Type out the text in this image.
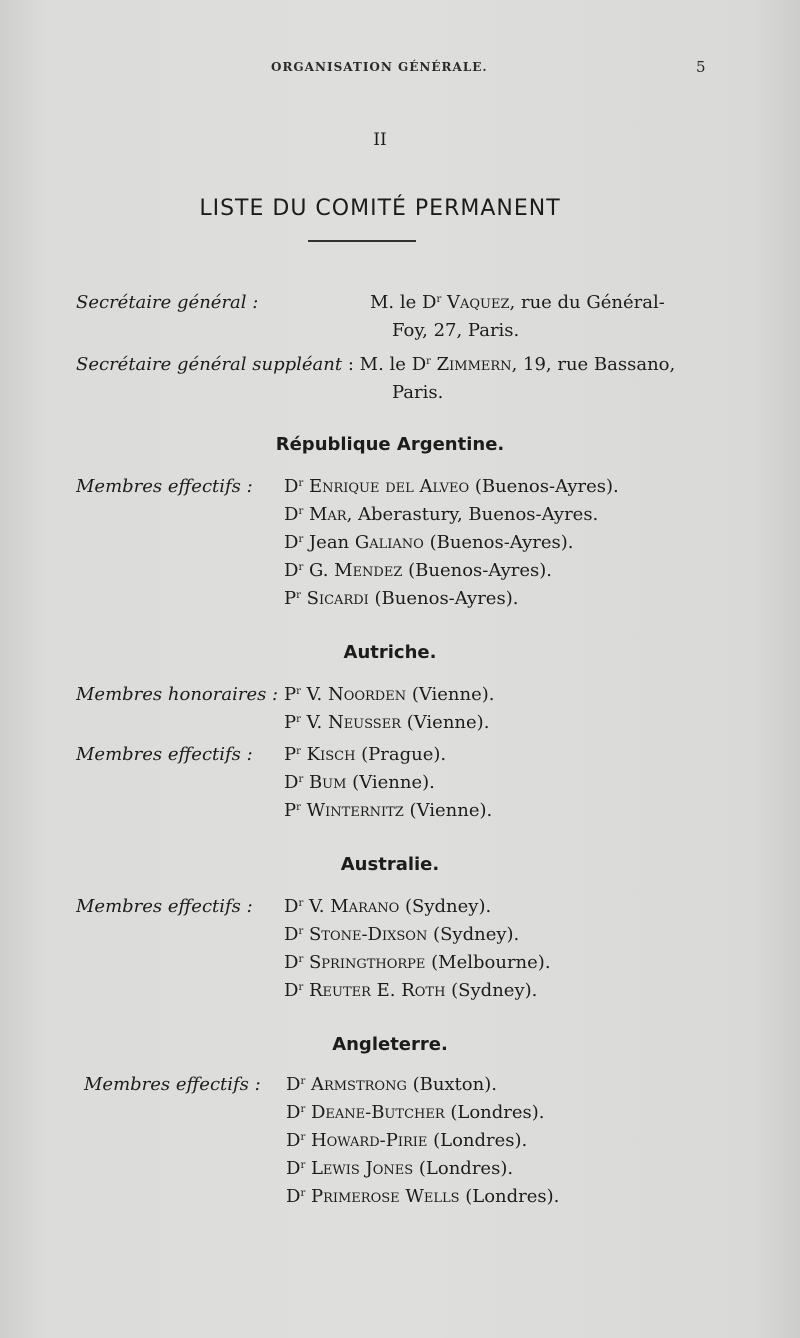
ORGANISATION GÉNÉRALE.	5
II
LISTE DU COMITÉ PERMANENT
Secrétaire général :	M. le $D^r$ Vaquez, rue du Général-
Foy, 27, Paris.
Secrétaire général suppléant : M. le $D^r$ Zimmern, 19, rue Bassano,
Paris.
République Argentine.
Membres effectifs : $D^r$ Enrique del Alveo (Buenos-Ayres).
$D^r$ Mar, Aberastury, Buenos-Ayres.
$D^r$ Jean Galiano (Buenos-Ayres).
$D^r$ G. Mendez (Buenos-Ayres).
$P^r$ Sicardi (Buenos-Ayres).
Autriche.
Membres honoraires : $P^r$ V. Noorden (Vienne).
$P^r$ V. Neusser (Vienne).
Membres effectifs : $P^r$ Kisch (Prague).
$D^r$ Bum (Vienne).
$P^r$ Winternitz (Vienne).
Australie.
Membres effectifs : $D^r$ V. Marano (Sydney).
$D^r$ Stone-Dixson (Sydney).
$D^r$ Springthorpe (Melbourne).
$D^r$ Reuter E. Roth (Sydney).
Angleterre.
Membres effectifs : $D^r$ Armstrong (Buxton).
$D^r$ Deane-Butcher (Londres).
$D^r$ Howard-Pirie (Londres).
$D^r$ Lewis Jones (Londres).
$D^r$ Primerose Wells (Londres).
